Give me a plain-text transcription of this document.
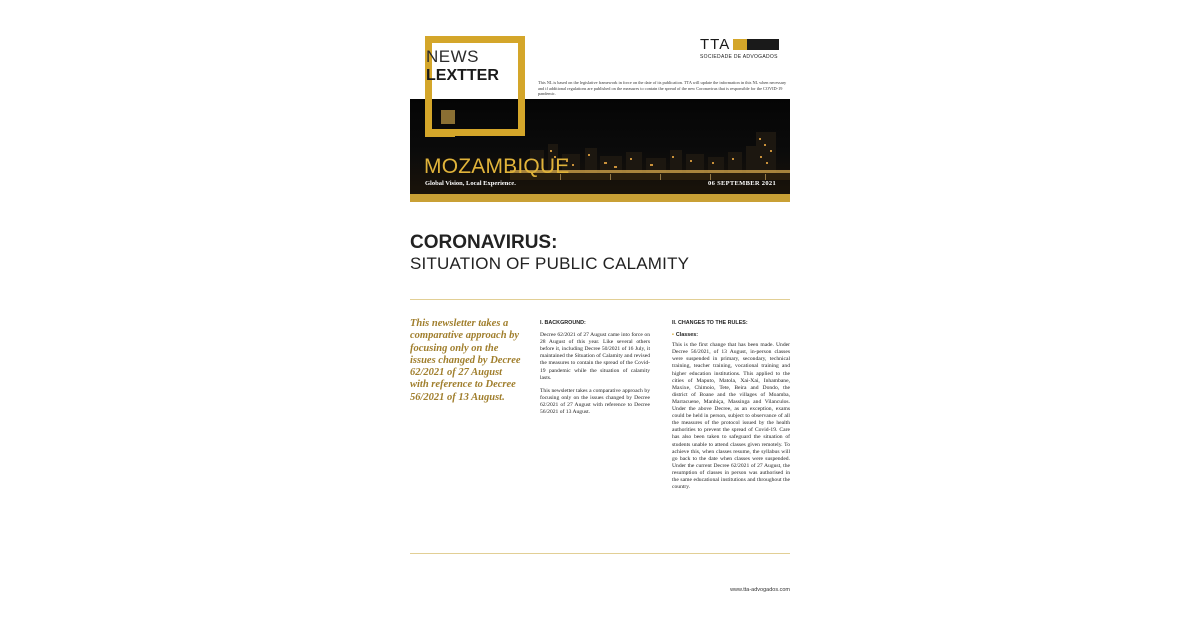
NEWS
LEXTTER
TTA
SOCIEDADE DE ADVOGADOS
This NL is based on the legislative framework in force on the date of its publication. TTA will update the information in this NL when necessary and if additional regulations are published on the measures to contain the spread of the new Coronavirus that is responsible for the COVID-19 pandemic.
MOZAMBIQUE
Global Vision, Local Experience.	06 SEPTEMBER 2021
CORONAVIRUS:
SITUATION OF PUBLIC CALAMITY
This newsletter takes a comparative approach by focusing only on the issues changed by Decree 62/2021 of 27 August with reference to Decree 56/2021 of 13 August.
I. BACKGROUND:

Decree 62/2021 of 27 August came into force on 28 August of this year. Like several others before it, including Decree 50/2021 of 16 July, it maintained the Situation of Calamity and revised the measures to contain the spread of the Covid-19 pandemic while the situation of calamity lasts.

This newsletter takes a comparative approach by focusing only on the issues changed by Decree 62/2021 of 27 August with reference to Decree 56/2021 of 13 August.

II. CHANGES TO THE RULES:
• Classes:

This is the first change that has been made. Under Decree 56/2021, of 13 August, in-person classes were suspended in primary, secondary, technical training, teacher training, vocational training and higher education institutions. This applied to the cities of Maputo, Matola, Xai-Xai, Inhambane, Maxixe, Chimoio, Tete, Beira and Dondo, the district of Boane and the villages of Moamba, Marracuene, Manhiça, Massinga and Vilanculos. Under the above Decree, as an exception, exams could be held in person, subject to observance of all the measures of the protocol issued by the health authorities to prevent the spread of Covid-19. Care has also been taken to safeguard the situation of students unable to attend classes given remotely. To achieve this, when classes resume, the syllabus will go back to the date when classes were suspended. Under the current Decree 62/2021 of 27 August, the resumption of classes in person was authorised in the same educational institutions and throughout the country.

www.tta-advogados.com
